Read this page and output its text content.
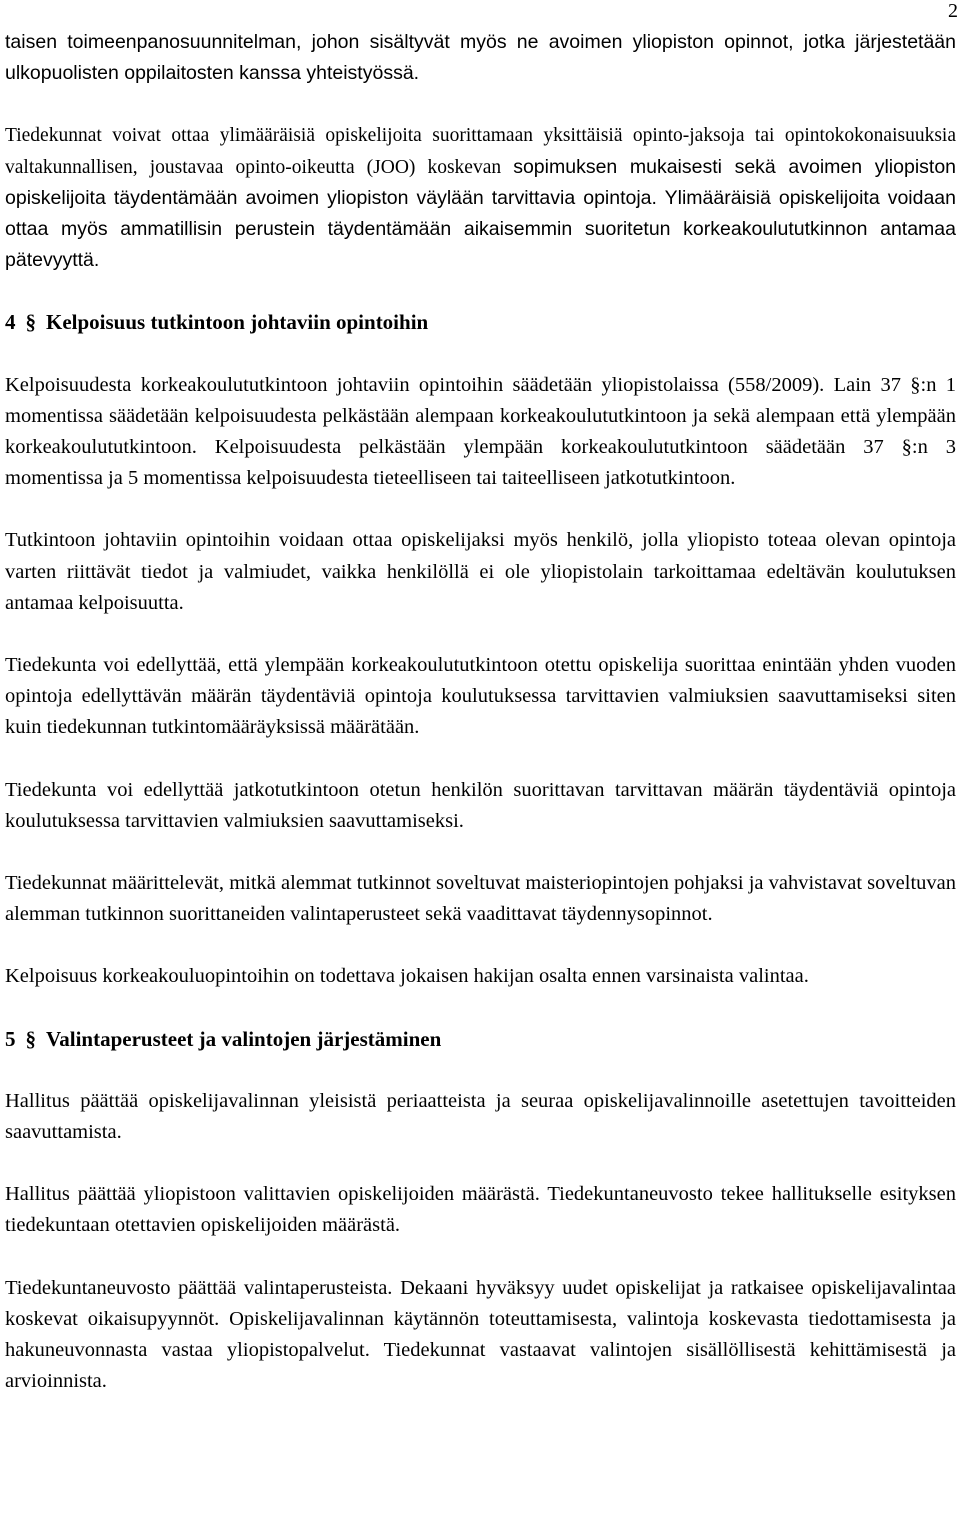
2

taisen toimeenpanosuunnitelman, johon sisältyvät myös ne avoimen yliopiston opinnot, jotka järjestetään ulkopuolisten oppilaitosten kanssa yhteistyössä.

Tiedekunnat voivat ottaa ylimääräisiä opiskelijoita suorittamaan yksittäisiä opinto-jaksoja tai opintokokonaisuuksia valtakunnallisen, joustavaa opinto-oikeutta (JOO) koskevan sopimuksen mukaisesti sekä avoimen yliopiston opiskelijoita täydentämään avoimen yliopiston väylään tarvittavia opintoja. Ylimääräisiä opiskelijoita voidaan ottaa myös ammatillisin perustein täydentämään aikaisemmin suoritetun korkeakoulututkinnon antamaa pätevyyttä.

4 § Kelpoisuus tutkintoon johtaviin opintoihin

Kelpoisuudesta korkeakoulututkintoon johtaviin opintoihin säädetään yliopistolaissa (558/2009). Lain 37 §:n 1 momentissa säädetään kelpoisuudesta pelkästään alempaan korkeakoulututkintoon ja sekä alempaan että ylempään korkeakoulututkintoon. Kelpoisuudesta pelkästään ylempään korkeakoulututkintoon säädetään 37 §:n 3 momentissa ja 5 momentissa kelpoisuudesta tieteelliseen tai taiteelliseen jatkotutkintoon.

Tutkintoon johtaviin opintoihin voidaan ottaa opiskelijaksi myös henkilö, jolla yliopisto toteaa olevan opintoja varten riittävät tiedot ja valmiudet, vaikka henkilöllä ei ole yliopistolain tarkoittamaa edeltävän koulutuksen antamaa kelpoisuutta.

Tiedekunta voi edellyttää, että ylempään korkeakoulututkintoon otettu opiskelija suorittaa enintään yhden vuoden opintoja edellyttävän määrän täydentäviä opintoja koulutuksessa tarvittavien valmiuksien saavuttamiseksi siten kuin tiedekunnan tutkintomääräyksissä määrätään.

Tiedekunta voi edellyttää jatkotutkintoon otetun henkilön suorittavan tarvittavan määrän täydentäviä opintoja koulutuksessa tarvittavien valmiuksien saavuttamiseksi.

Tiedekunnat määrittelevät, mitkä alemmat tutkinnot soveltuvat maisteriopintojen pohjaksi ja vahvistavat soveltuvan alemman tutkinnon suorittaneiden valintaperusteet sekä vaadittavat täydennysopinnot.

Kelpoisuus korkeakouluopintoihin on todettava jokaisen hakijan osalta ennen varsinaista valintaa.

5 § Valintaperusteet ja valintojen järjestäminen

Hallitus päättää opiskelijavalinnan yleisistä periaatteista ja seuraa opiskelijavalinnoille asetettujen tavoitteiden saavuttamista.

Hallitus päättää yliopistoon valittavien opiskelijoiden määrästä. Tiedekuntaneuvosto tekee hallitukselle esityksen tiedekuntaan otettavien opiskelijoiden määrästä.

Tiedekuntaneuvosto päättää valintaperusteista. Dekaani hyväksyy uudet opiskelijat ja ratkaisee opiskelijavalintaa koskevat oikaisupyynnöt. Opiskelijavalinnan käytännön toteuttamisesta, valintoja koskevasta tiedottamisesta ja hakuneuvonnasta vastaa yliopistopalvelut. Tiedekunnat vastaavat valintojen sisällöllisestä kehittämisestä ja arvioinnista.
